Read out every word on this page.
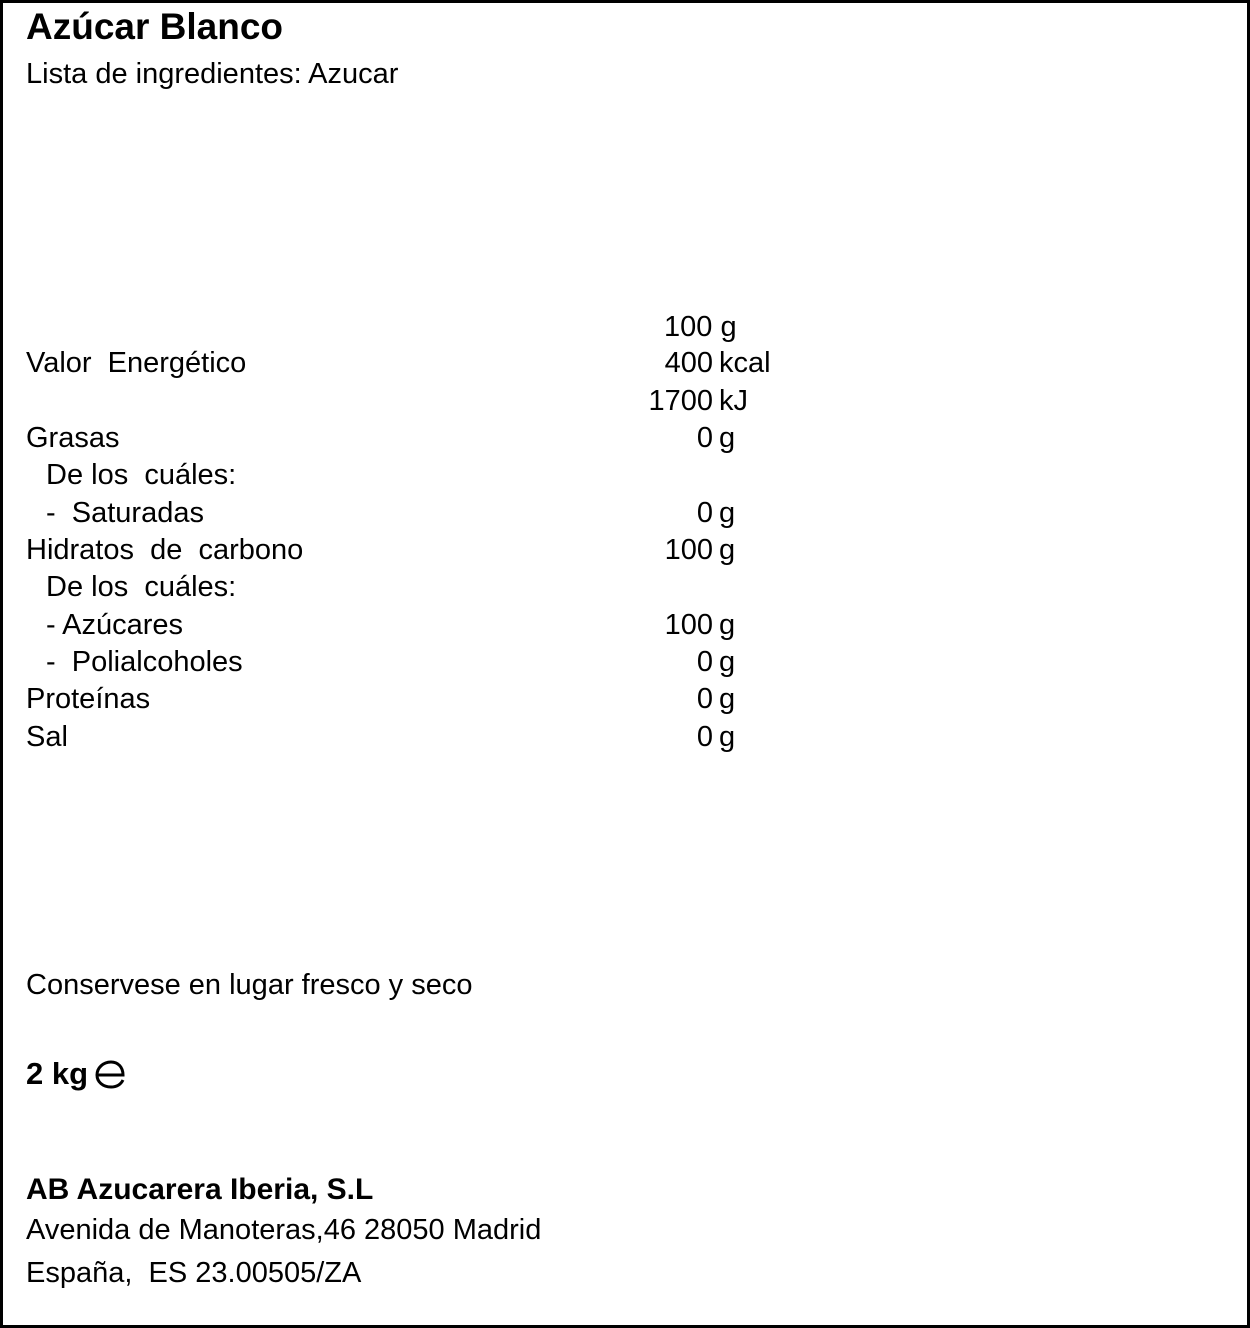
Azúcar Blanco
Lista de ingredientes: Azucar
100 g
Valor  Energético	400 kcal
1700 kJ
Grasas	0 g
De los  cuáles:
-  Saturadas	0 g
Hidratos  de  carbono	100 g
De los  cuáles:
- Azúcares	100 g
-  Polialcoholes	0 g
Proteínas	0 g
Sal	0 g
Conservese en lugar fresco y seco
2 kg
AB Azucarera Iberia, S.L
Avenida de Manoteras,46 28050 Madrid
España,  ES 23.00505/ZA
